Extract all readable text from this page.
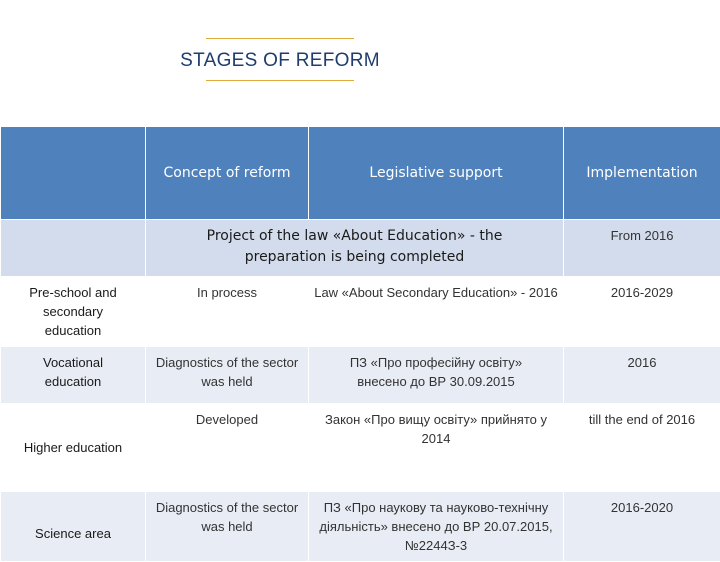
STAGES OF REFORM
	Concept of reform	Legislative support	Implementation
	Project of the law «About Education» - the preparation is being completed		From 2016
Pre-school and secondary education	In process	Law «About Secondary Education» - 2016	2016-2029
Vocational education	Diagnostics of the sector was held	ПЗ «Про професійну освіту» внесено до ВР 30.09.2015	2016
Higher education	Developed	Закон «Про вищу освіту» прийнято у 2014	till the end of 2016
Science area	Diagnostics of the sector was held	ПЗ «Про наукову та науково-технічну діяльність» внесено до ВР 20.07.2015, №2244З-3	2016-2020
